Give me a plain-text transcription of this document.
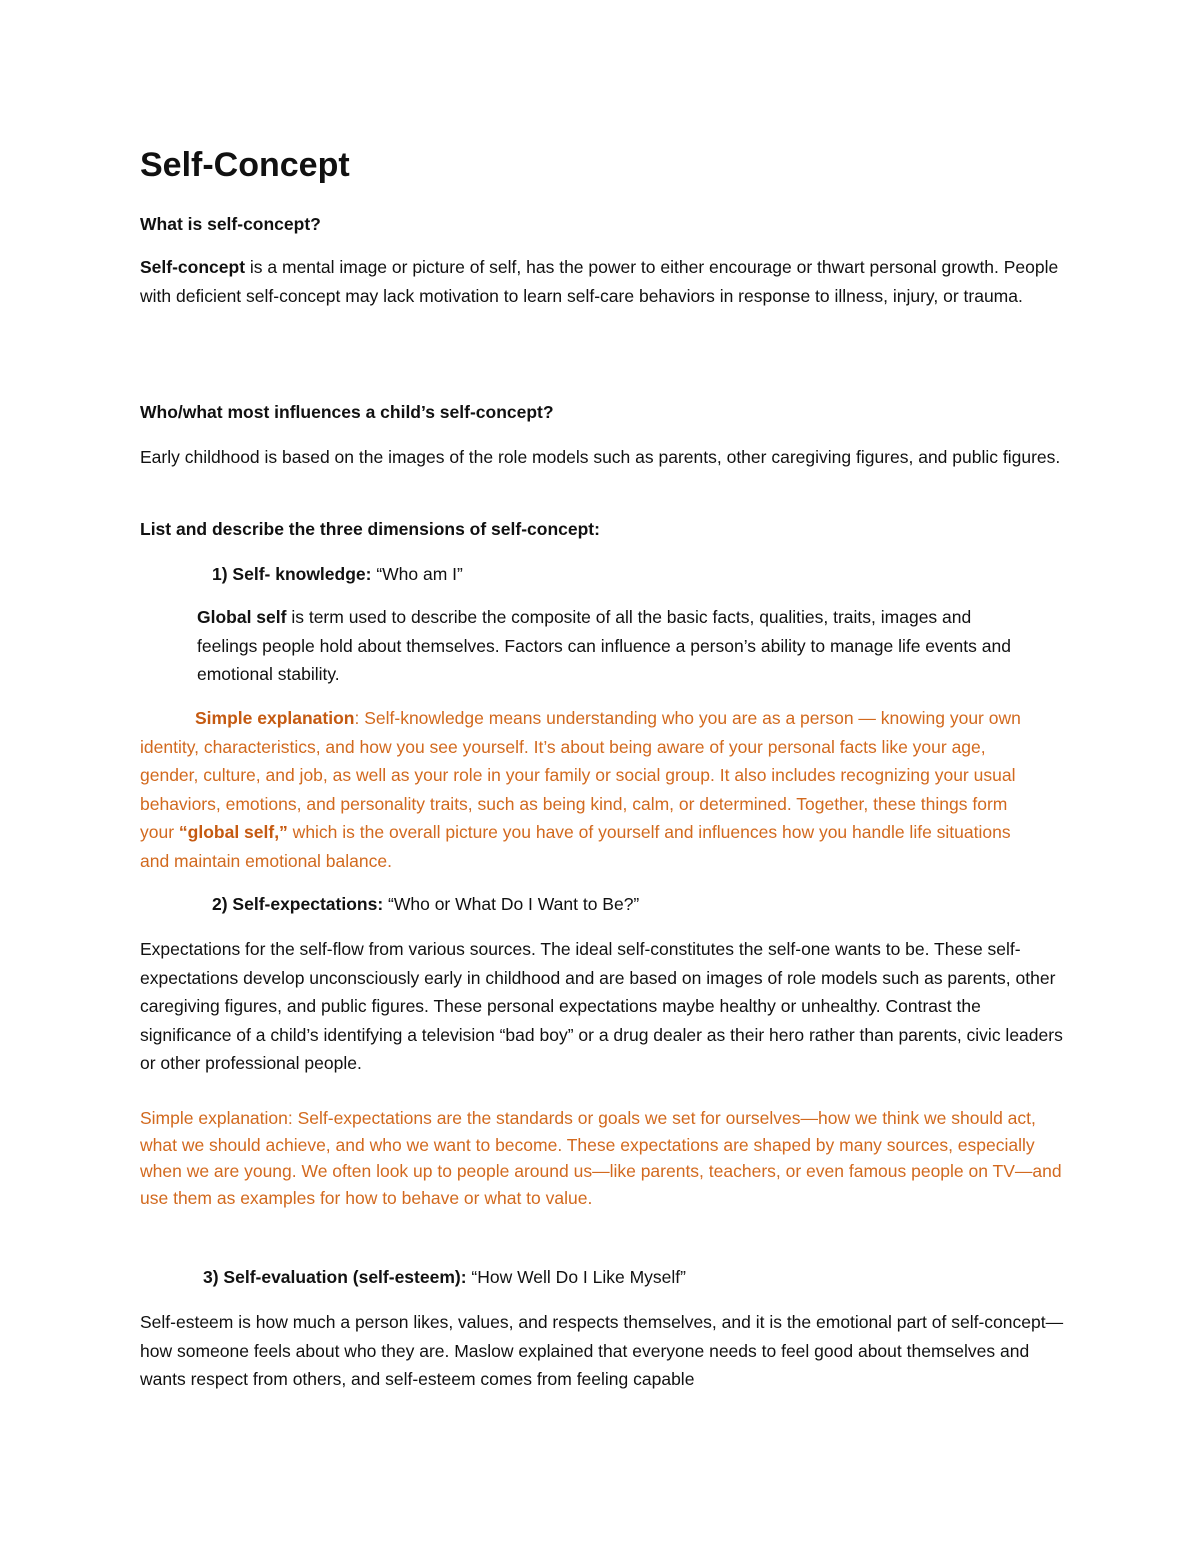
Self-Concept

What is self-concept?

Self-concept is a mental image or picture of self, has the power to either encourage or thwart personal growth. People with deficient self-concept may lack motivation to learn self-care behaviors in response to illness, injury, or trauma.

Who/what most influences a child’s self-concept?

Early childhood is based on the images of the role models such as parents, other caregiving figures, and public figures.

List and describe the three dimensions of self-concept:

1) Self- knowledge: “Who am I”

Global self is term used to describe the composite of all the basic facts, qualities, traits, images and feelings people hold about themselves. Factors can influence a person’s ability to manage life events and emotional stability.

Simple explanation: Self-knowledge means understanding who you are as a person — knowing your own identity, characteristics, and how you see yourself. It’s about being aware of your personal facts like your age, gender, culture, and job, as well as your role in your family or social group. It also includes recognizing your usual behaviors, emotions, and personality traits, such as being kind, calm, or determined. Together, these things form your “global self,” which is the overall picture you have of yourself and influences how you handle life situations and maintain emotional balance.

2) Self-expectations: “Who or What Do I Want to Be?”

Expectations for the self-flow from various sources. The ideal self-constitutes the self-one wants to be. These self-expectations develop unconsciously early in childhood and are based on images of role models such as parents, other caregiving figures, and public figures. These personal expectations maybe healthy or unhealthy. Contrast the significance of a child’s identifying a television “bad boy” or a drug dealer as their hero rather than parents, civic leaders or other professional people.

Simple explanation: Self-expectations are the standards or goals we set for ourselves—how we think we should act, what we should achieve, and who we want to become. These expectations are shaped by many sources, especially when we are young. We often look up to people around us—like parents, teachers, or even famous people on TV—and use them as examples for how to behave or what to value.

3) Self-evaluation (self-esteem): “How Well Do I Like Myself”

Self-esteem is how much a person likes, values, and respects themselves, and it is the emotional part of self-concept—how someone feels about who they are. Maslow explained that everyone needs to feel good about themselves and wants respect from others, and self-esteem comes from feeling capable
